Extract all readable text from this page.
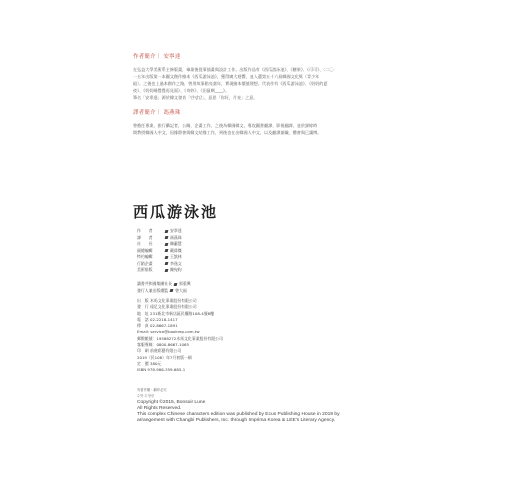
作者簡介｜ 安寧達

在弘益大學美術系主修版畫，畢業後從事插畫與設計工作。出版作品有《西瓜游泳池》、《糖果》、《可可》、〈二〇

一五年出版第一本圖文創作繪本《西瓜游泳池》，獲得廣大迴響，並入選第五十六屆韓國文化獎（青少年

組）。之後也上過本創作之路，曾用故事點亮童年，實現繪本價值理想。代表作有《西瓜游泳池》、《奶奶的夏

夜》、《奶奶睡覺覺再見面》、《奇妙》、《田鼠啊____》。

筆名「安寧達」源於韓文發音「안녕달」，意思「你好，月亮」之意。

譯者簡介｜ 馮燕珠

曾擔任專業、旅行攝記者，公關、企畫工作，之後為韓國韓文，專攻圖書翻譯、影視翻譯、並於課餘時

間教授韓國人中文，因緣際會與韓文結緣工作，到後也在出韓國人中文，以及翻譯兼職，體會與已讓博。

西瓜游泳池
作　　者	安寧達
譯　　者	馮燕珠
社　　長	陳蕙慧
副總編輯	戴偉傑
特約編輯	王凱林
行銷企畫	李逸文
美術排版	陳宛昀
讀書共和國集團社長 郭重興
發行人兼出版總監 曾大福
出　版木馬文化事業股份有限公司
發　行遠足文化事業股份有限公司
地　址231新北市新店區民權路108-4號8樓
電　話02-2218-1417
傳　真02-8667-1891
Email: service@bookrep.com.tw
郵撥帳號：19588272木馬文化事業股份有限公司
客服專線：0800-8667-1065
印　刷前進彩藝有限公司
2019（民108）年7月初版一刷
定　價380元
ISBN 978-986-359-685-1
有著作權・翻印必究
수박 수영장
Copyright ©2015, Bonsoir Lune
All Rights Reserved.
This complex Chinese characters edition was published by Ecus Publishing House in 2019 by
arrangement with Changbi Publishers, Inc. through Imprima Korea & LEE's Literary Agency.
